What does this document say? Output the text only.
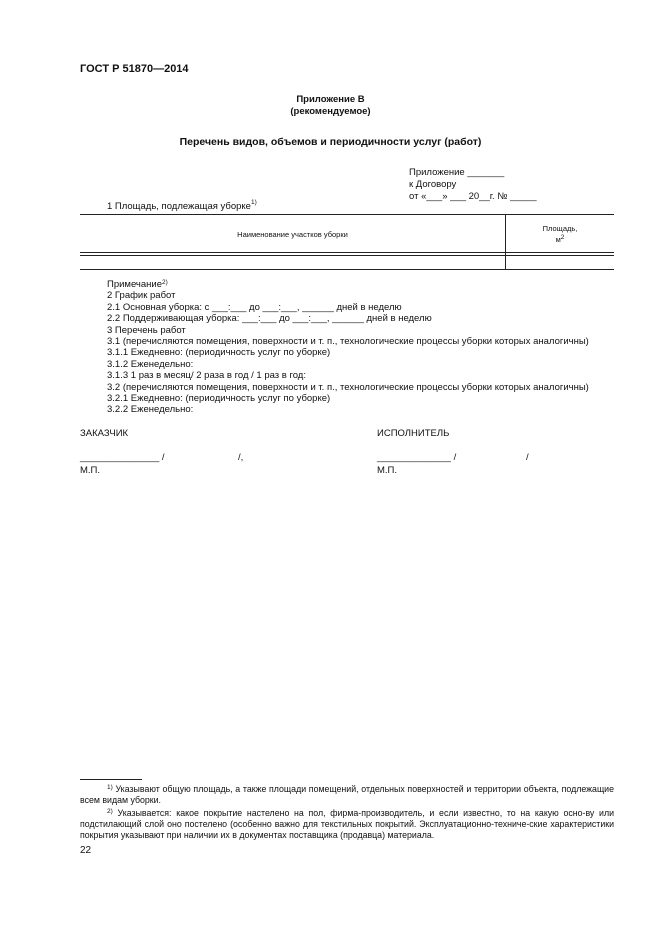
ГОСТ Р 51870—2014
Приложение В
(рекомендуемое)
Перечень видов, объемов и периодичности услуг (работ)
Приложение _______
к Договору
от «___» ___ 20__г. № _____
1 Площадь, подлежащая уборке$^{1)}$
Наименование участков уборки
Площадь,
$м^2$
Примечание$^{2)}$
2 График работ
2.1 Основная уборка: с ___:___ до ___:___, ______ дней в неделю
2.2 Поддерживающая уборка: ___:___ до ___:___, ______ дней в неделю
3 Перечень работ
3.1 (перечисляются помещения, поверхности и т. п., технологические процессы уборки которых аналогичны)
3.1.1 Ежедневно: (периодичность услуг по уборке)
3.1.2 Еженедельно:
3.1.3 1 раз в месяц/ 2 раза в год / 1 раз в год:
3.2 (перечисляются помещения, поверхности и т. п., технологические процессы уборки которых аналогичны)
3.2.1 Ежедневно: (периодичность услуг по уборке)
3.2.2 Еженедельно:
ЗАКАЗЧИК
_______________ /	/,
М.П.
ИСПОЛНИТЕЛЬ
______________ /	/
М.П.
$^{1)}$ Указывают общую площадь, а также площади помещений, отдельных поверхностей и территории объекта, подлежащие всем видам уборки.
$^{2)}$ Указывается: какое покрытие настелено на пол, фирма-производитель, и если известно, то на какую осно-ву или подстилающий слой оно постелено (особенно важно для текстильных покрытий. Эксплуатационно-техниче-ские характеристики покрытия указывают при наличии их в документах поставщика (продавца) материала.
22
